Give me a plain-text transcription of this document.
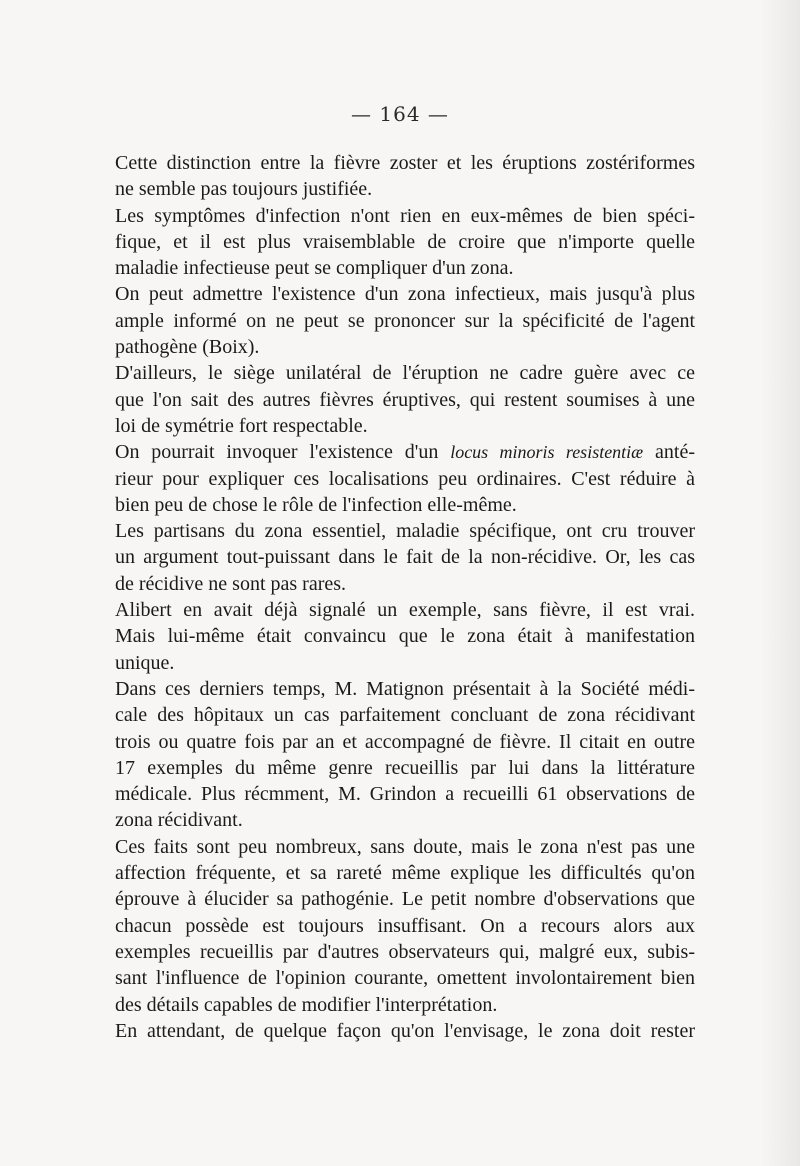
— 164 —

Cette distinction entre la fièvre zoster et les éruptions zostériformes
ne semble pas toujours justifiée.

Les symptômes d'infection n'ont rien en eux-mêmes de bien spéci-
fique, et il est plus vraisemblable de croire que n'importe quelle
maladie infectieuse peut se compliquer d'un zona.

On peut admettre l'existence d'un zona infectieux, mais jusqu'à plus
ample informé on ne peut se prononcer sur la spécificité de l'agent
pathogène (Boix).

D'ailleurs, le siège unilatéral de l'éruption ne cadre guère avec ce
que l'on sait des autres fièvres éruptives, qui restent soumises à une
loi de symétrie fort respectable.

On pourrait invoquer l'existence d'un locus minoris resistentiæ anté-
rieur pour expliquer ces localisations peu ordinaires. C'est réduire à
bien peu de chose le rôle de l'infection elle-même.

Les partisans du zona essentiel, maladie spécifique, ont cru trouver
un argument tout-puissant dans le fait de la non-récidive. Or, les cas
de récidive ne sont pas rares.

Alibert en avait déjà signalé un exemple, sans fièvre, il est vrai.
Mais lui-même était convaincu que le zona était à manifestation
unique.

Dans ces derniers temps, M. Matignon présentait à la Société médi-
cale des hôpitaux un cas parfaitement concluant de zona récidivant
trois ou quatre fois par an et accompagné de fièvre. Il citait en outre
17 exemples du même genre recueillis par lui dans la littérature
médicale. Plus récmment, M. Grindon a recueilli 61 observations de
zona récidivant.

Ces faits sont peu nombreux, sans doute, mais le zona n'est pas une
affection fréquente, et sa rareté même explique les difficultés qu'on
éprouve à élucider sa pathogénie. Le petit nombre d'observations que
chacun possède est toujours insuffisant. On a recours alors aux
exemples recueillis par d'autres observateurs qui, malgré eux, subis-
sant l'influence de l'opinion courante, omettent involontairement bien
des détails capables de modifier l'interprétation.

En attendant, de quelque façon qu'on l'envisage, le zona doit rester
